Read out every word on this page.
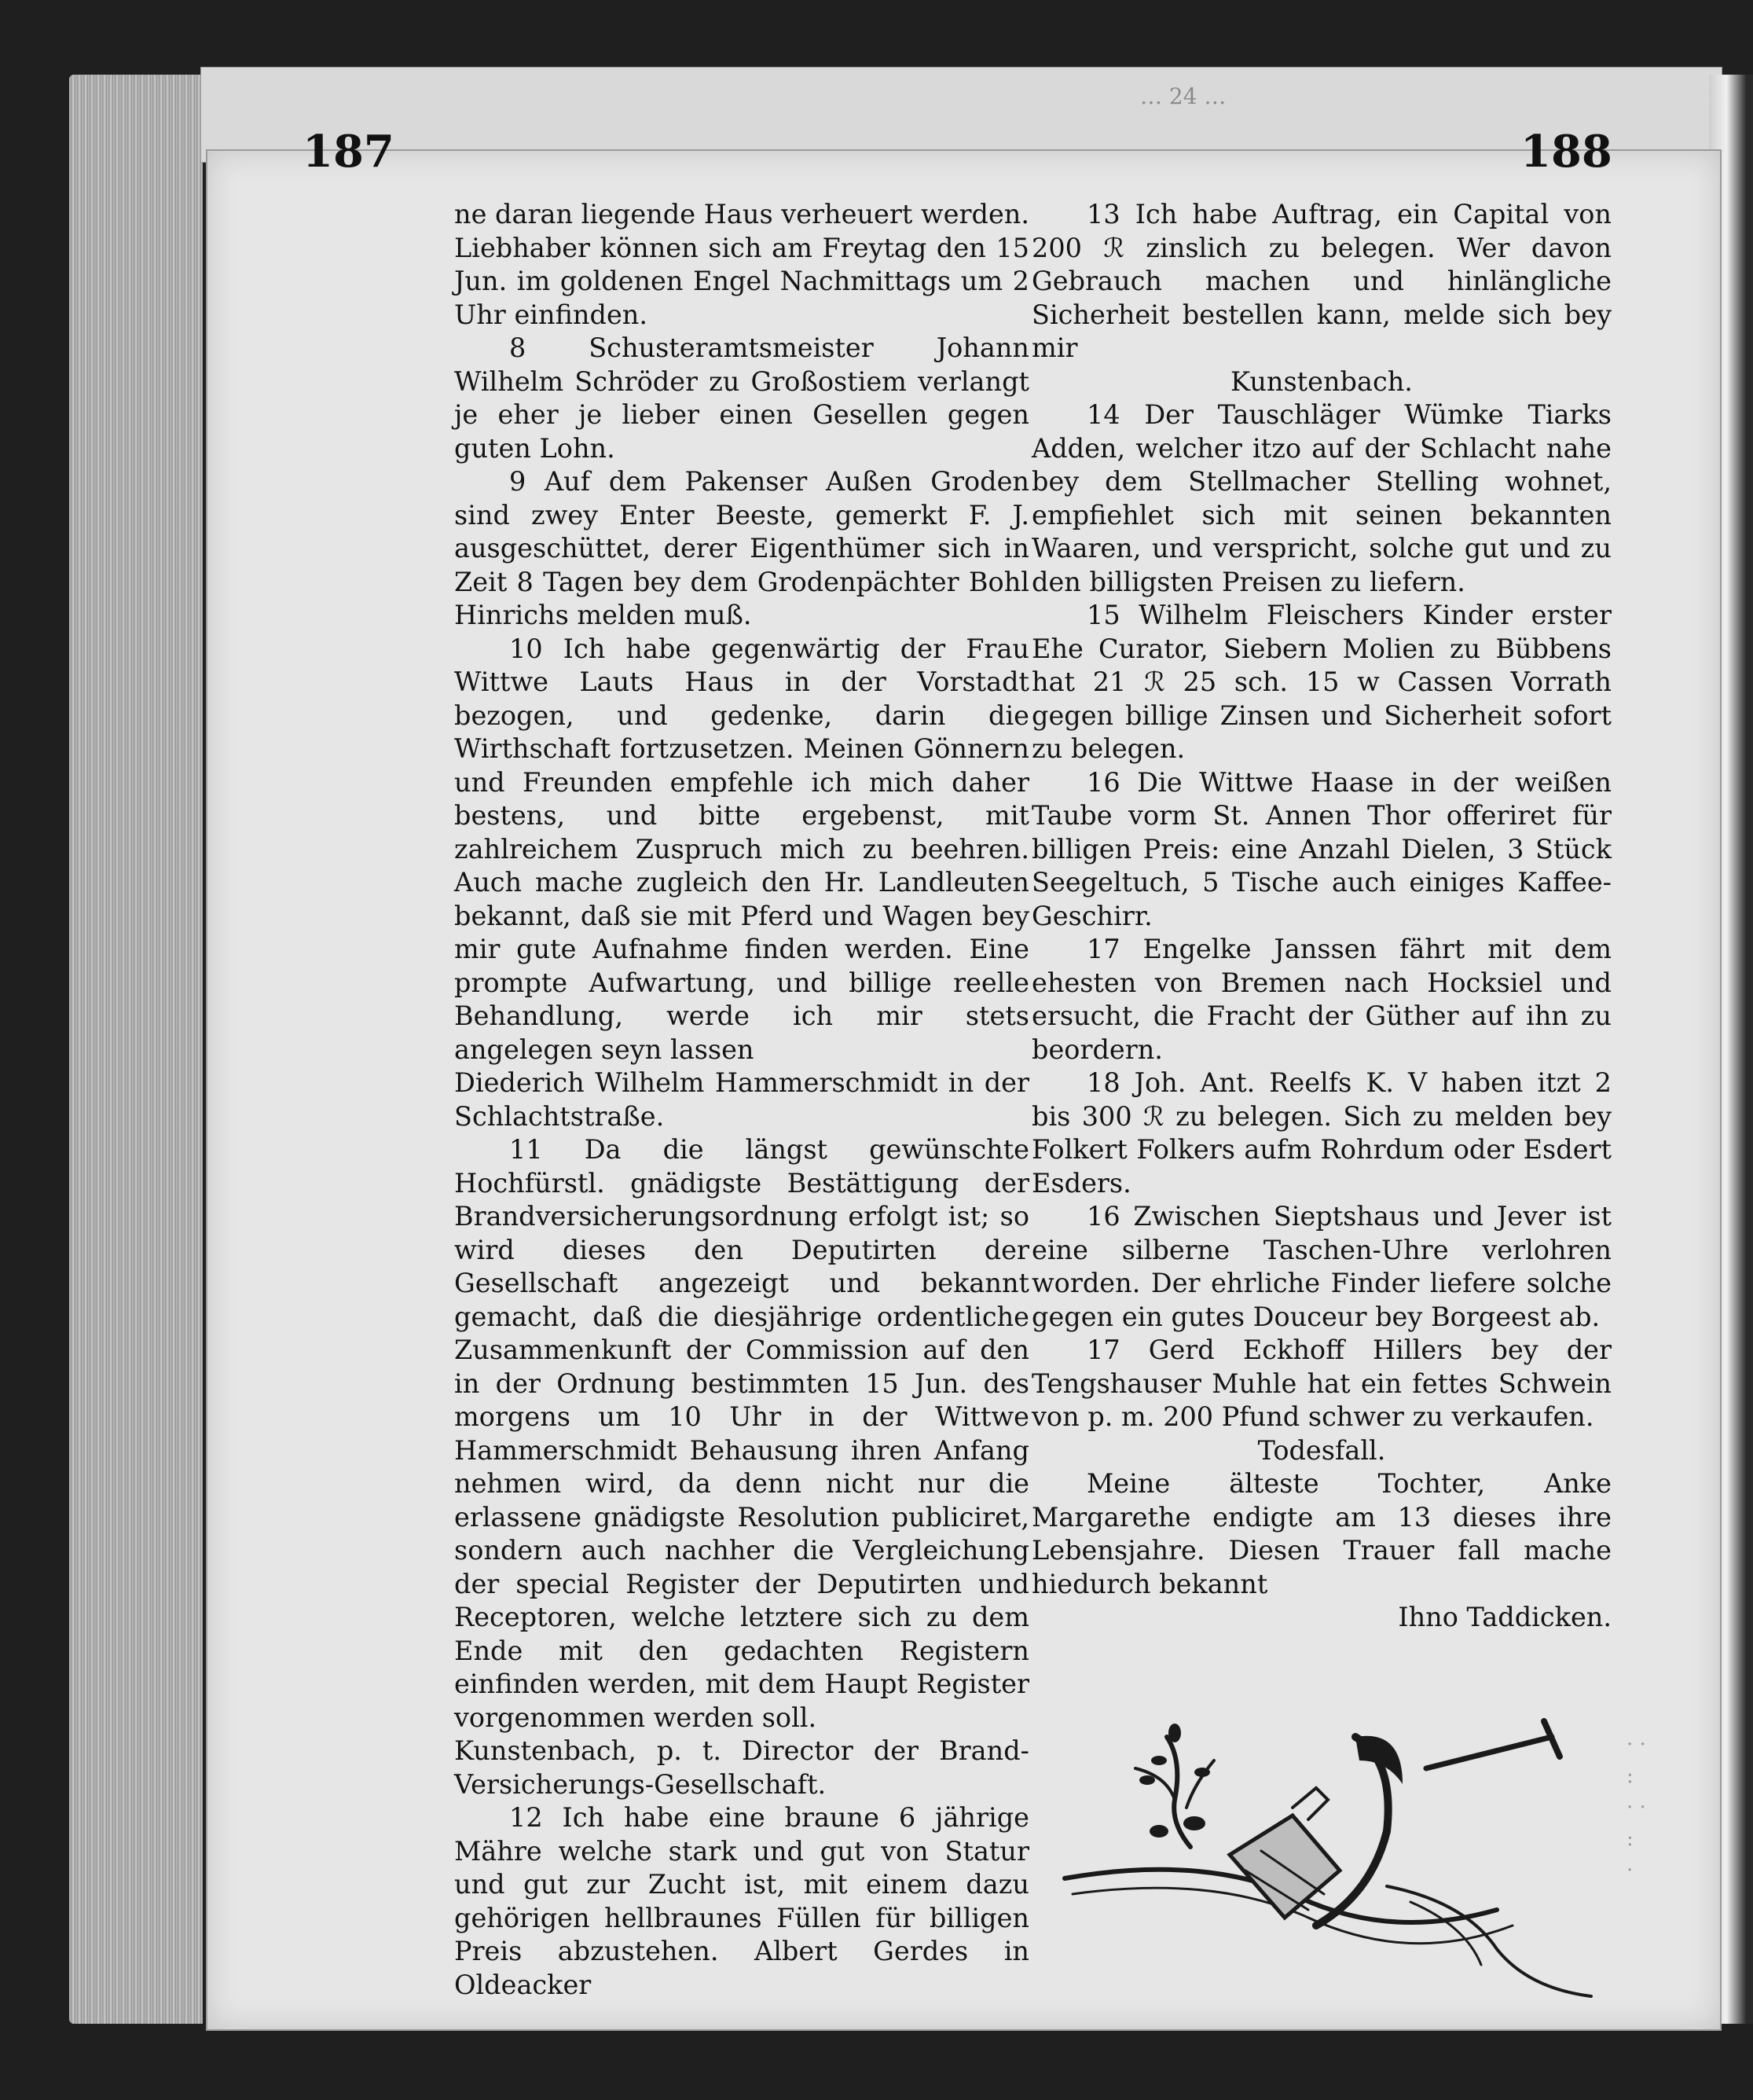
… 24 …
187	188

ne daran liegende Haus verheuert werden. Liebhaber können sich am Freytag den 15 Jun. im goldenen Engel Nachmittags um 2 Uhr einfinden.

8 Schusteramtsmeister Johann Wilhelm Schröder zu Großostiem verlangt je eher je lieber einen Gesellen gegen guten Lohn.

9 Auf dem Pakenser Außen Groden sind zwey Enter Beeste, gemerkt F. J. ausgeschüttet, derer Eigenthümer sich in Zeit 8 Tagen bey dem Grodenpächter Bohl Hinrichs melden muß.

10 Ich habe gegenwärtig der Frau Wittwe Lauts Haus in der Vorstadt bezogen, und gedenke, darin die Wirthschaft fortzusetzen. Meinen Gönnern und Freunden empfehle ich mich daher bestens, und bitte ergebenst, mit zahlreichem Zuspruch mich zu beehren. Auch mache zugleich den Hr. Landleuten bekannt, daß sie mit Pferd und Wagen bey mir gute Aufnahme finden werden. Eine prompte Aufwartung, und billige reelle Behandlung, werde ich mir stets angelegen seyn lassen

Diederich Wilhelm Hammerschmidt in der Schlachtstraße.

11 Da die längst gewünschte Hochfürstl. gnädigste Bestättigung der Brandversicherungsordnung erfolgt ist; so wird dieses den Deputirten der Gesellschaft angezeigt und bekannt gemacht, daß die diesjährige ordentliche Zusammenkunft der Commission auf den in der Ordnung bestimmten 15 Jun. des morgens um 10 Uhr in der Wittwe Hammerschmidt Behausung ihren Anfang nehmen wird, da denn nicht nur die erlassene gnädigste Resolution publiciret, sondern auch nachher die Vergleichung der special Register der Deputirten und Receptoren, welche letztere sich zu dem Ende mit den gedachten Registern einfinden werden, mit dem Haupt Register vorgenommen werden soll.

Kunstenbach, p. t. Director der Brand-Versicherungs-Gesellschaft.

12 Ich habe eine braune 6 jährige Mähre welche stark und gut von Statur und gut zur Zucht ist, mit einem dazu gehörigen hellbraunes Füllen für billigen Preis abzustehen. Albert Gerdes in Oldeacker

13 Ich habe Auftrag, ein Capital von 200 ℛ zinslich zu belegen. Wer davon Gebrauch machen und hinlängliche Sicherheit bestellen kann, melde sich bey mir

Kunstenbach.

14 Der Tauschläger Wümke Tiarks Adden, welcher itzo auf der Schlacht nahe bey dem Stellmacher Stelling wohnet, empfiehlet sich mit seinen bekannten Waaren, und verspricht, solche gut und zu den billigsten Preisen zu liefern.

15 Wilhelm Fleischers Kinder erster Ehe Curator, Siebern Molien zu Bübbens hat 21 ℛ 25 sch. 15 w Cassen Vorrath gegen billige Zinsen und Sicherheit sofort zu belegen.

16 Die Wittwe Haase in der weißen Taube vorm St. Annen Thor offeriret für billigen Preis: eine Anzahl Dielen, 3 Stück Seegeltuch, 5 Tische auch einiges Kaffee-Geschirr.

17 Engelke Janssen fährt mit dem ehesten von Bremen nach Hocksiel und ersucht, die Fracht der Güther auf ihn zu beordern.

18 Joh. Ant. Reelfs K. V haben itzt 2 bis 300 ℛ zu belegen. Sich zu melden bey Folkert Folkers aufm Rohrdum oder Esdert Esders.

16 Zwischen Sieptshaus und Jever ist eine silberne Taschen-Uhre verlohren worden. Der ehrliche Finder liefere solche gegen ein gutes Douceur bey Borgeest ab.

17 Gerd Eckhoff Hillers bey der Tengshauser Muhle hat ein fettes Schwein von p. m. 200 Pfund schwer zu verkaufen.

Todesfall.

Meine älteste Tochter, Anke Margarethe endigte am 13 dieses ihre Lebensjahre. Diesen Trauer fall mache hiedurch bekannt

Ihno Taddicken.

· ·
:
· ·
:
·
